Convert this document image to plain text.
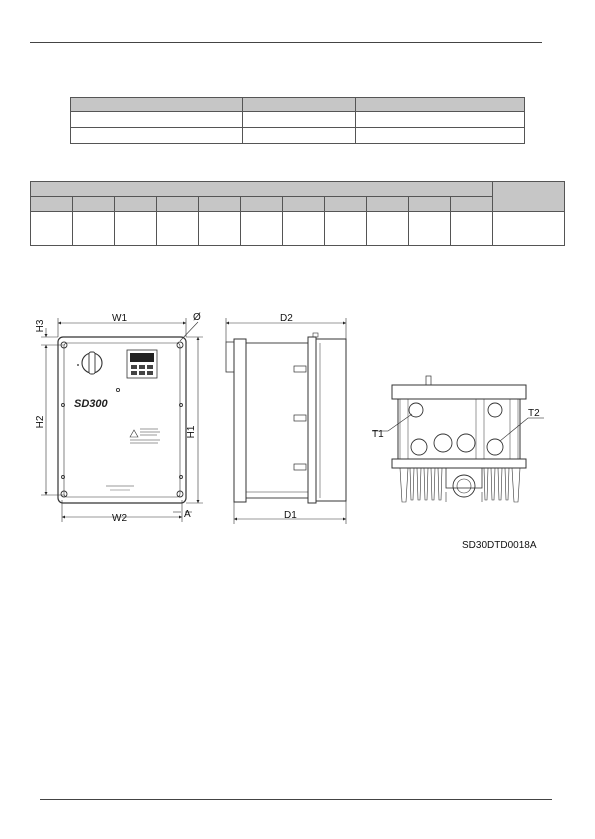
SD300
W1
W2	A
Ø
H1
H2
H3
D2
D1
T1
T2
SD30DTD0018A
